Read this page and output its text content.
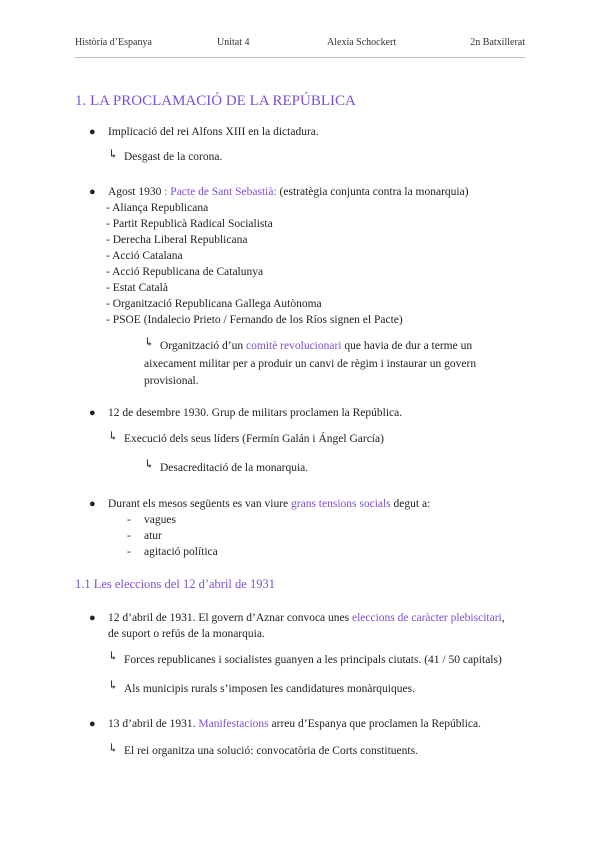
Història d’Espanya	Unitat 4	Alexia Schockert	2n Batxillerat
1. LA PROCLAMACIÓ DE LA REPÚBLICA
● Implicació del rei Alfons XIII en la dictadura.
↳ Desgast de la corona.
● Agost 1930 : Pacte de Sant Sebastià: (estratègia conjunta contra la monarquia)
- Aliança Republicana
- Partit Republicà Radical Socialista
- Derecha Liberal Republicana
- Acció Catalana
- Acció Republicana de Catalunya
- Estat Català
- Organització Republicana Gallega Autònoma
- PSOE (Indalecio Prieto / Fernando de los Ríos signen el Pacte)
↳ Organització d’un comitè revolucionari que havia de dur a terme un
aixecament militar per a produir un canvi de règim i instaurar un govern
provisional.
● 12 de desembre 1930. Grup de militars proclamen la República.
↳ Execució dels seus líders (Fermín Galán i Ángel García)
↳ Desacreditació de la monarquia.
● Durant els mesos següents es van viure grans tensions socials degut a:
- vagues
- atur
- agitació política
1.1 Les eleccions del 12 d’abril de 1931
● 12 d’abril de 1931. El govern d’Aznar convoca unes eleccions de caràcter plebiscitari,
de suport o refús de la monarquia.
↳ Forces republicanes i socialistes guanyen a les principals ciutats. (41 / 50 capitals)
↳ Als municipis rurals s’imposen les candidatures monàrquiques.
● 13 d’abril de 1931. Manifestacions arreu d’Espanya que proclamen la República.
↳ El rei organitza una solució: convocatòria de Corts constituents.
